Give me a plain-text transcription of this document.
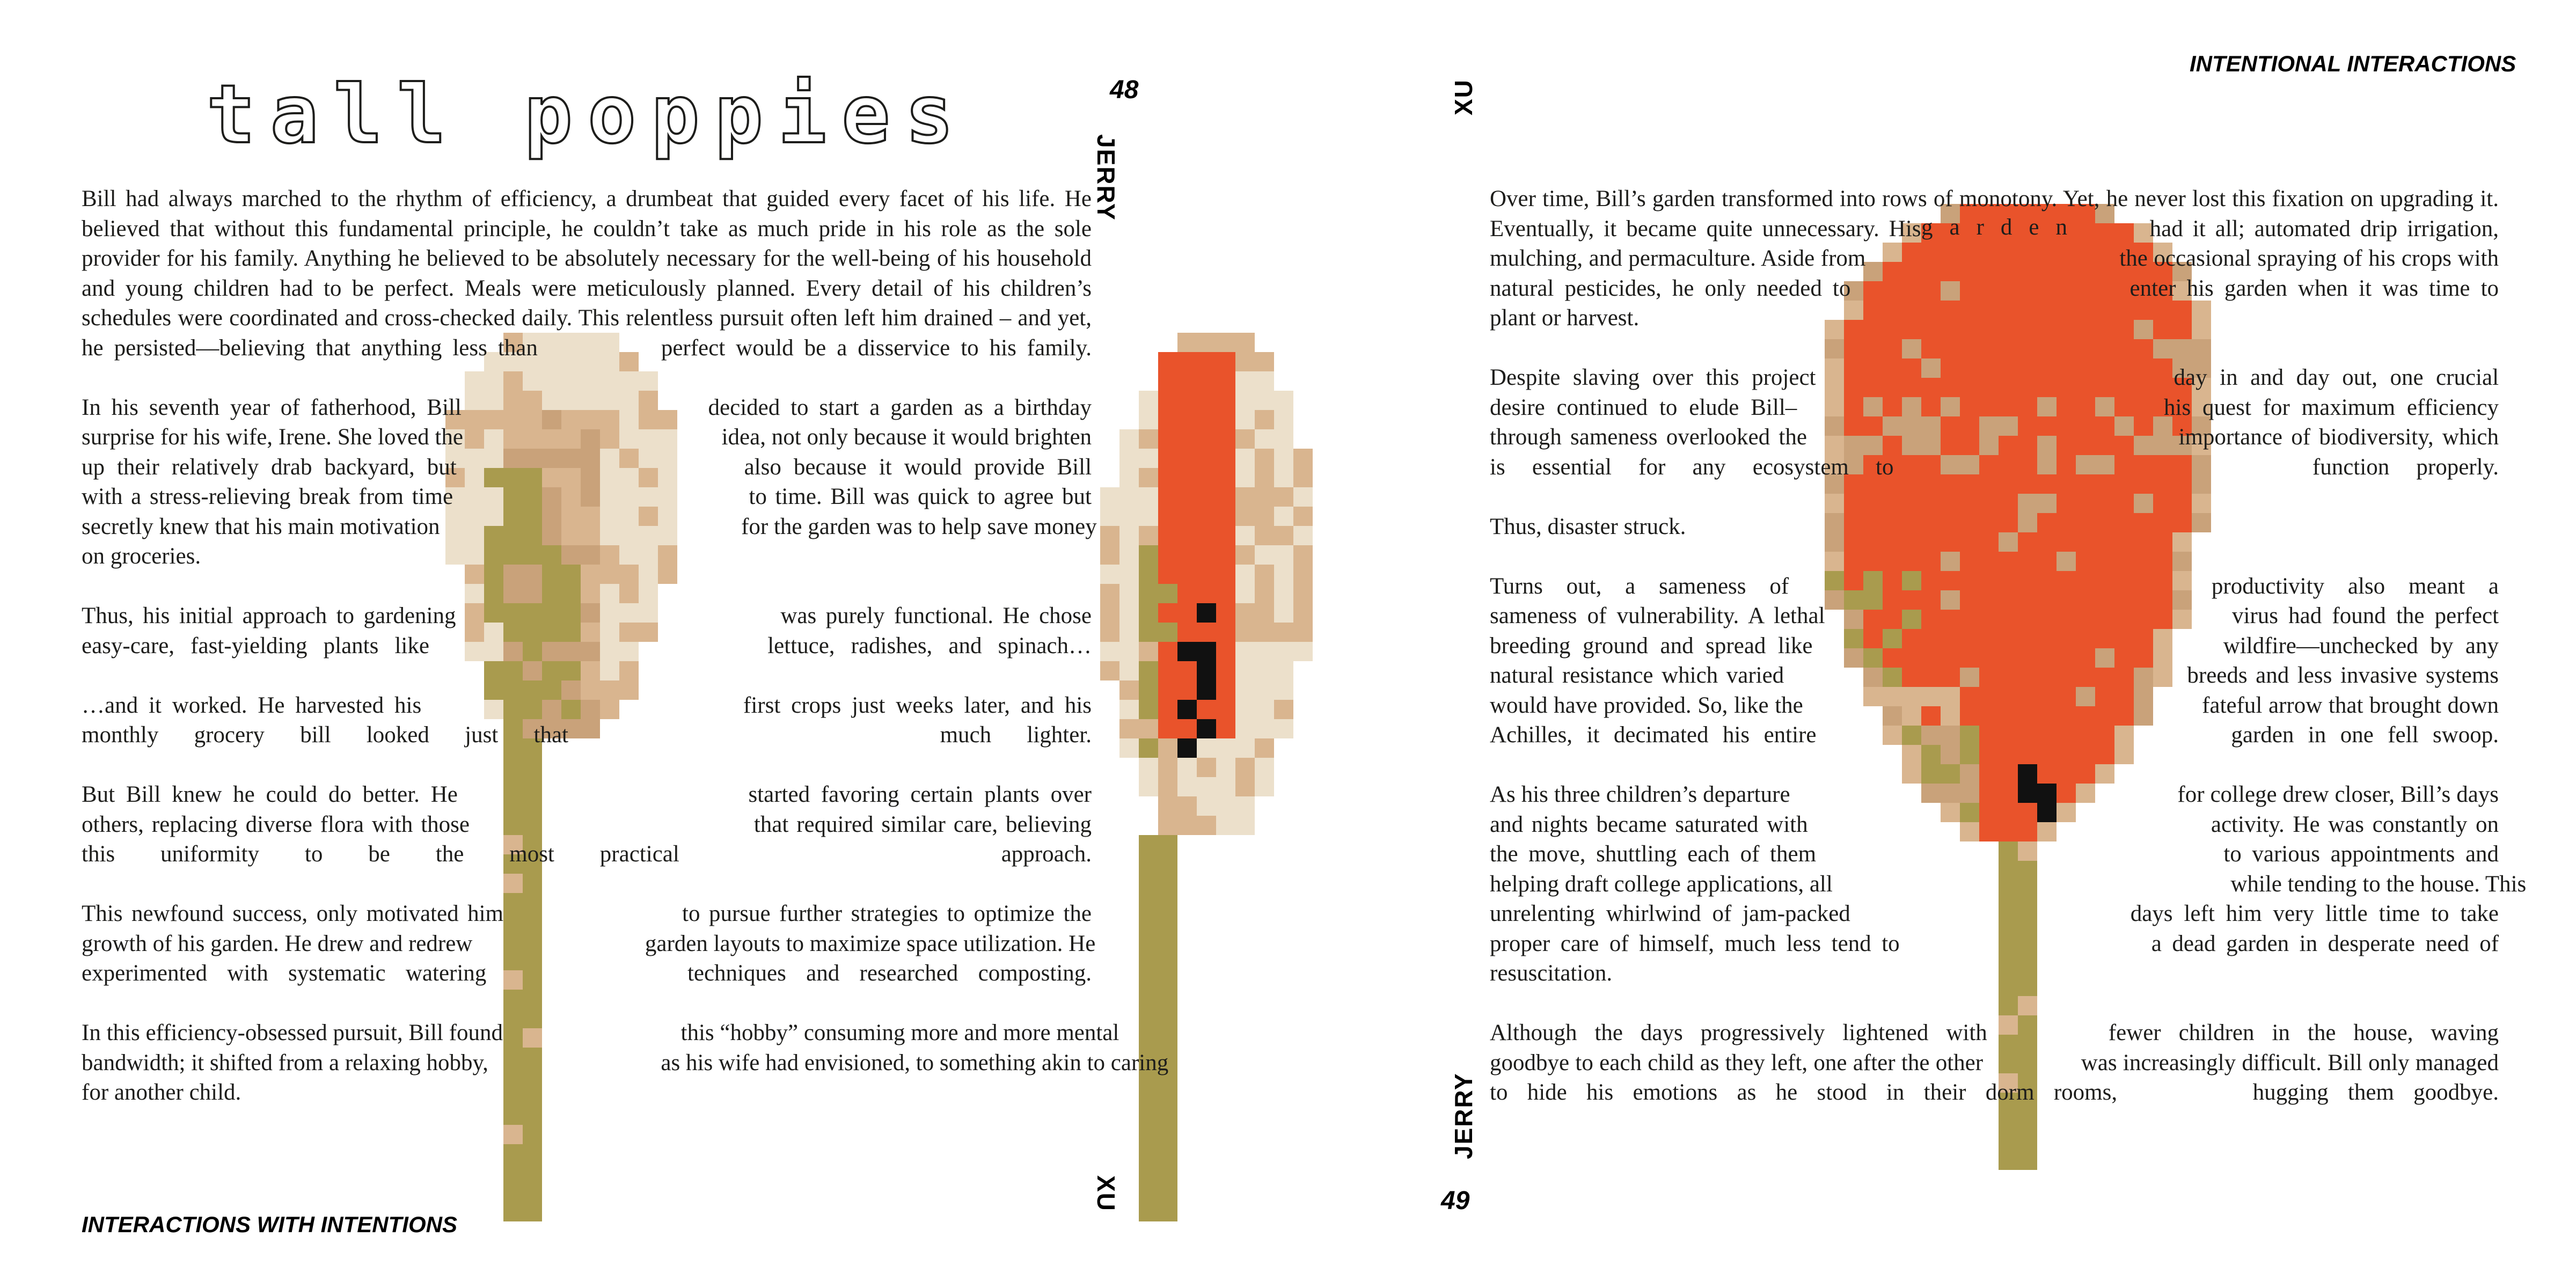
tall poppies

Bill had always marched to the rhythm of efficiency, a drumbeat that guided every facet of his life. He
believed that without this fundamental principle, he couldn’t take as much pride in his role as the sole
provider for his family. Anything he believed to be absolutely necessary for the well-being of his household
and young children had to be perfect. Meals were meticulously planned. Every detail of his children’s
schedules were coordinated and cross-checked daily. This relentless pursuit often left him drained – and yet,
he persisted—believing that anything less than	perfect would be a disservice to his family.

In his seventh year of fatherhood, Bill	decided to start a garden as a birthday
surprise for his wife, Irene. She loved the	idea, not only because it would brighten
up their relatively drab backyard, but	also because it would provide Bill
with a stress-relieving break from time	to time. Bill was quick to agree but
secretly knew that his main motivation	for the garden was to help save money
on groceries.

Thus, his initial approach to gardening	was purely functional. He chose
easy-care, fast-yielding plants like	lettuce, radishes, and spinach…

…and it worked. He harvested his	first crops just weeks later, and his
monthly grocery bill looked just that	much lighter.

But Bill knew he could do better. He	started favoring certain plants over
others, replacing diverse flora with those	that required similar care, believing
this uniformity to be the most practical	approach.

This newfound success, only motivated him	to pursue further strategies to optimize the
growth of his garden. He drew and redrew	garden layouts to maximize space utilization. He
experimented with systematic watering	techniques and researched composting.

In this efficiency-obsessed pursuit, Bill found	this “hobby” consuming more and more mental
bandwidth; it shifted from a relaxing hobby,	as his wife had envisioned, to something akin to caring
for another child.

48
JERRY
XU
INTERACTIONS WITH INTENTIONS

Over time, Bill’s garden transformed into rows of monotony. Yet, he never lost this fixation on upgrading it.
Eventually, it became quite unnecessary. His	had it all; automated drip irrigation,
mulching, and permaculture. Aside from	the occasional spraying of his crops with
natural pesticides, he only needed to	enter his garden when it was time to
plant or harvest.

Despite slaving over this project	day in and day out, one crucial
desire continued to elude Bill–	his quest for maximum efficiency
through sameness overlooked the	importance of biodiversity, which
is essential for any ecosystem to	function properly.

Thus, disaster struck.

Turns out, a sameness of	productivity also meant a
sameness of vulnerability. A lethal	virus had found the perfect
breeding ground and spread like	wildfire—unchecked by any
natural resistance which varied	breeds and less invasive systems
would have provided. So, like the	fateful arrow that brought down
Achilles, it decimated his entire	garden in one fell swoop.

As his three children’s departure	for college drew closer, Bill’s days
and nights became saturated with	activity. He was constantly on
the move, shuttling each of them	to various appointments and
helping draft college applications, all	while tending to the house. This
unrelenting whirlwind of jam-packed	days left him very little time to take
proper care of himself, much less tend to	a dead garden in desperate need of
resuscitation.

Although the days progressively lightened with	fewer children in the house, waving
goodbye to each child as they left, one after the other	was increasingly difficult. Bill only managed
to hide his emotions as he stood in their dorm rooms,	hugging them goodbye.

garden
49
XU
JERRY
INTENTIONAL INTERACTIONS
